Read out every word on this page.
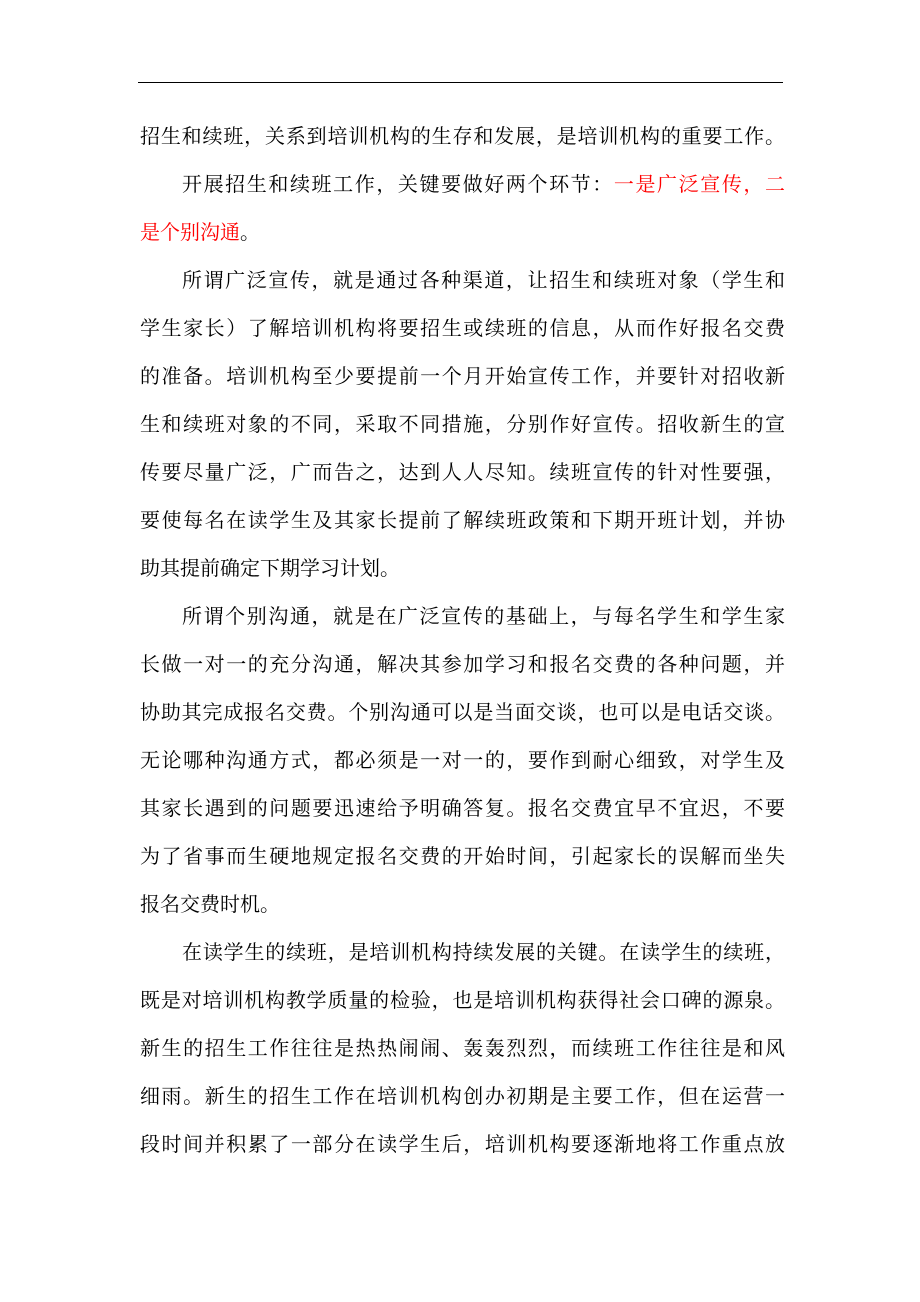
招生和续班，关系到培训机构的生存和发展，是培训机构的重要工作。
开展招生和续班工作，关键要做好两个环节：一是广泛宣传，二
是个别沟通。
所谓广泛宣传，就是通过各种渠道，让招生和续班对象（学生和
学生家长）了解培训机构将要招生或续班的信息，从而作好报名交费
的准备。培训机构至少要提前一个月开始宣传工作，并要针对招收新
生和续班对象的不同，采取不同措施，分别作好宣传。招收新生的宣
传要尽量广泛，广而告之，达到人人尽知。续班宣传的针对性要强，
要使每名在读学生及其家长提前了解续班政策和下期开班计划，并协
助其提前确定下期学习计划。
所谓个别沟通，就是在广泛宣传的基础上，与每名学生和学生家
长做一对一的充分沟通，解决其参加学习和报名交费的各种问题，并
协助其完成报名交费。个别沟通可以是当面交谈，也可以是电话交谈。
无论哪种沟通方式，都必须是一对一的，要作到耐心细致，对学生及
其家长遇到的问题要迅速给予明确答复。报名交费宜早不宜迟，不要
为了省事而生硬地规定报名交费的开始时间，引起家长的误解而坐失
报名交费时机。
在读学生的续班，是培训机构持续发展的关键。在读学生的续班，
既是对培训机构教学质量的检验，也是培训机构获得社会口碑的源泉。
新生的招生工作往往是热热闹闹、轰轰烈烈，而续班工作往往是和风
细雨。新生的招生工作在培训机构创办初期是主要工作，但在运营一
段时间并积累了一部分在读学生后，培训机构要逐渐地将工作重点放
